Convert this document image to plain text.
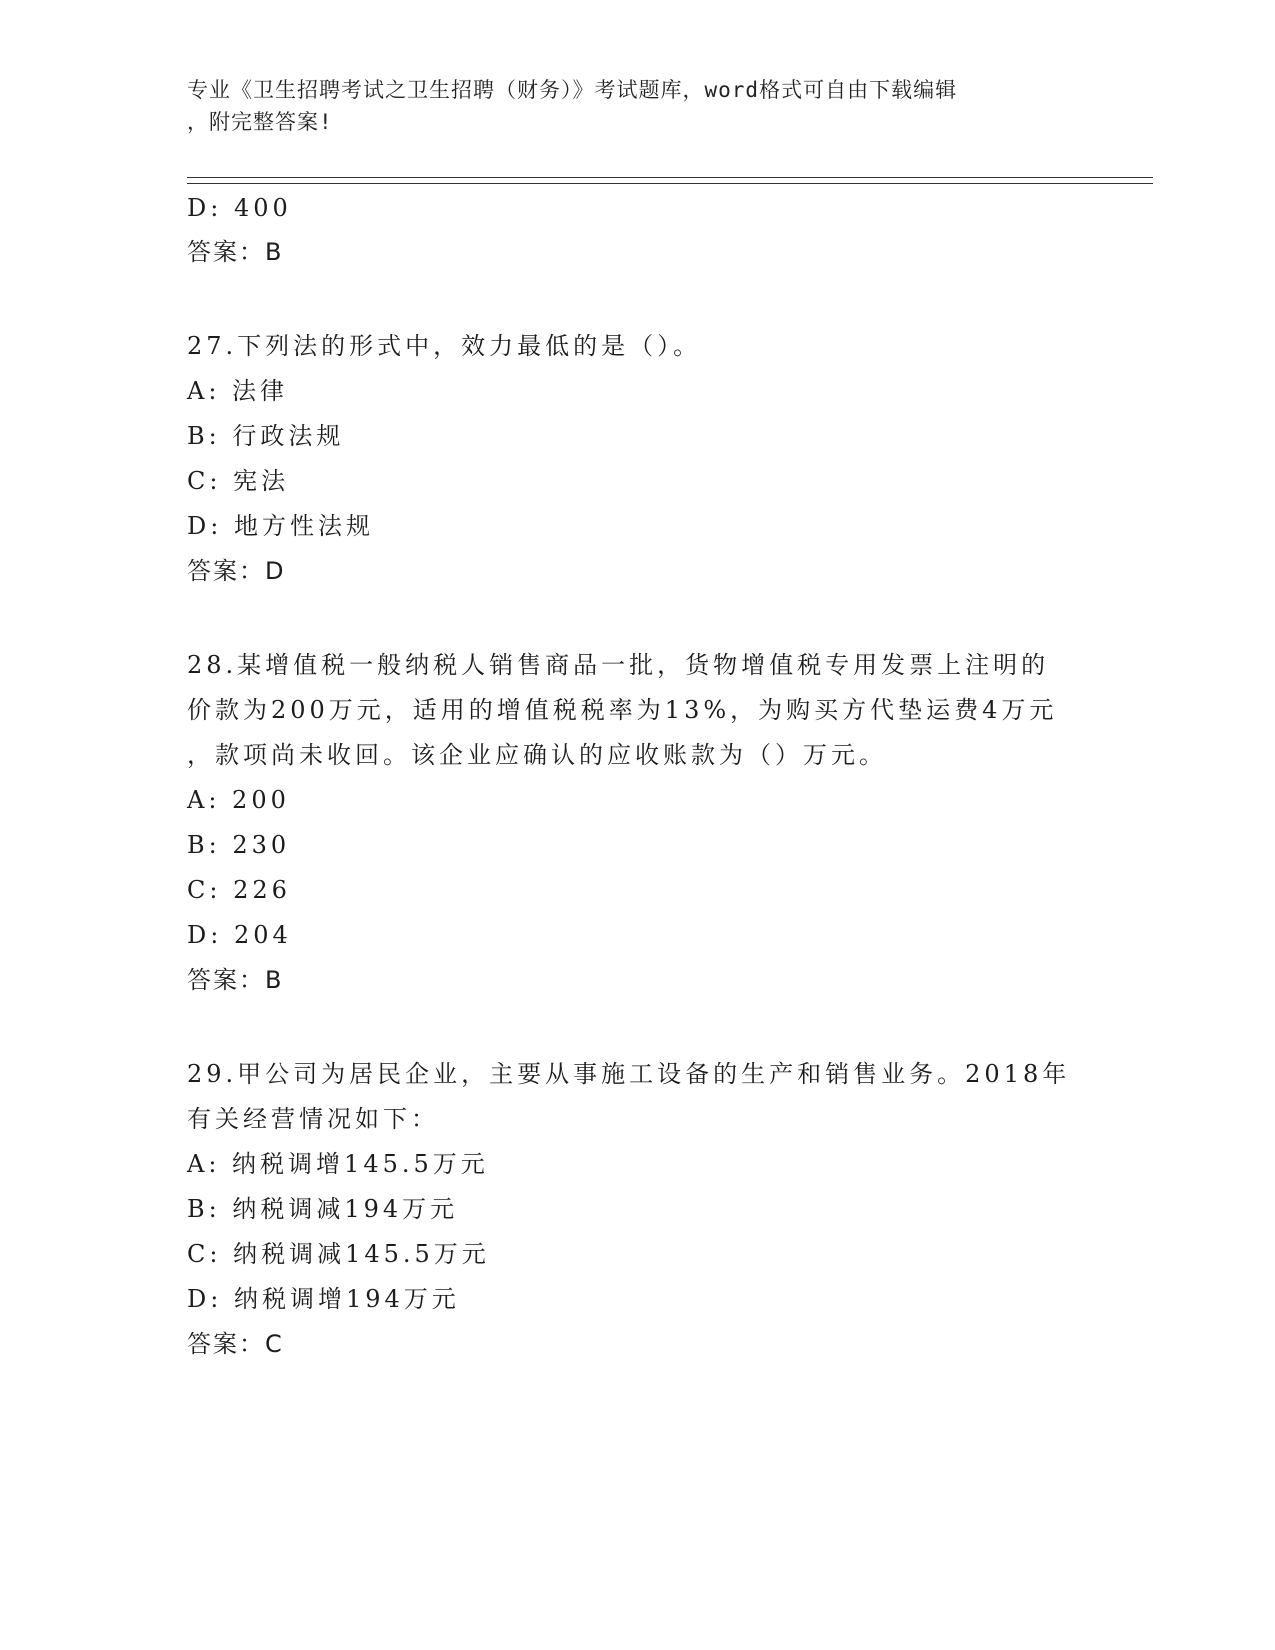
专业《卫生招聘考试之卫生招聘（财务）》考试题库，word格式可自由下载编辑
，附完整答案!
D: 400
答案：B
27.下列法的形式中，效力最低的是（）。
A: 法律
B: 行政法规
C: 宪法
D: 地方性法规
答案：D
28.某增值税一般纳税人销售商品一批，货物增值税专用发票上注明的
价款为200万元，适用的增值税税率为13%，为购买方代垫运费4万元
，款项尚未收回。该企业应确认的应收账款为（）万元。
A: 200
B: 230
C: 226
D: 204
答案：B
29.甲公司为居民企业，主要从事施工设备的生产和销售业务。2018年
有关经营情况如下：
A: 纳税调增145.5万元
B: 纳税调减194万元
C: 纳税调减145.5万元
D: 纳税调增194万元
答案：C
